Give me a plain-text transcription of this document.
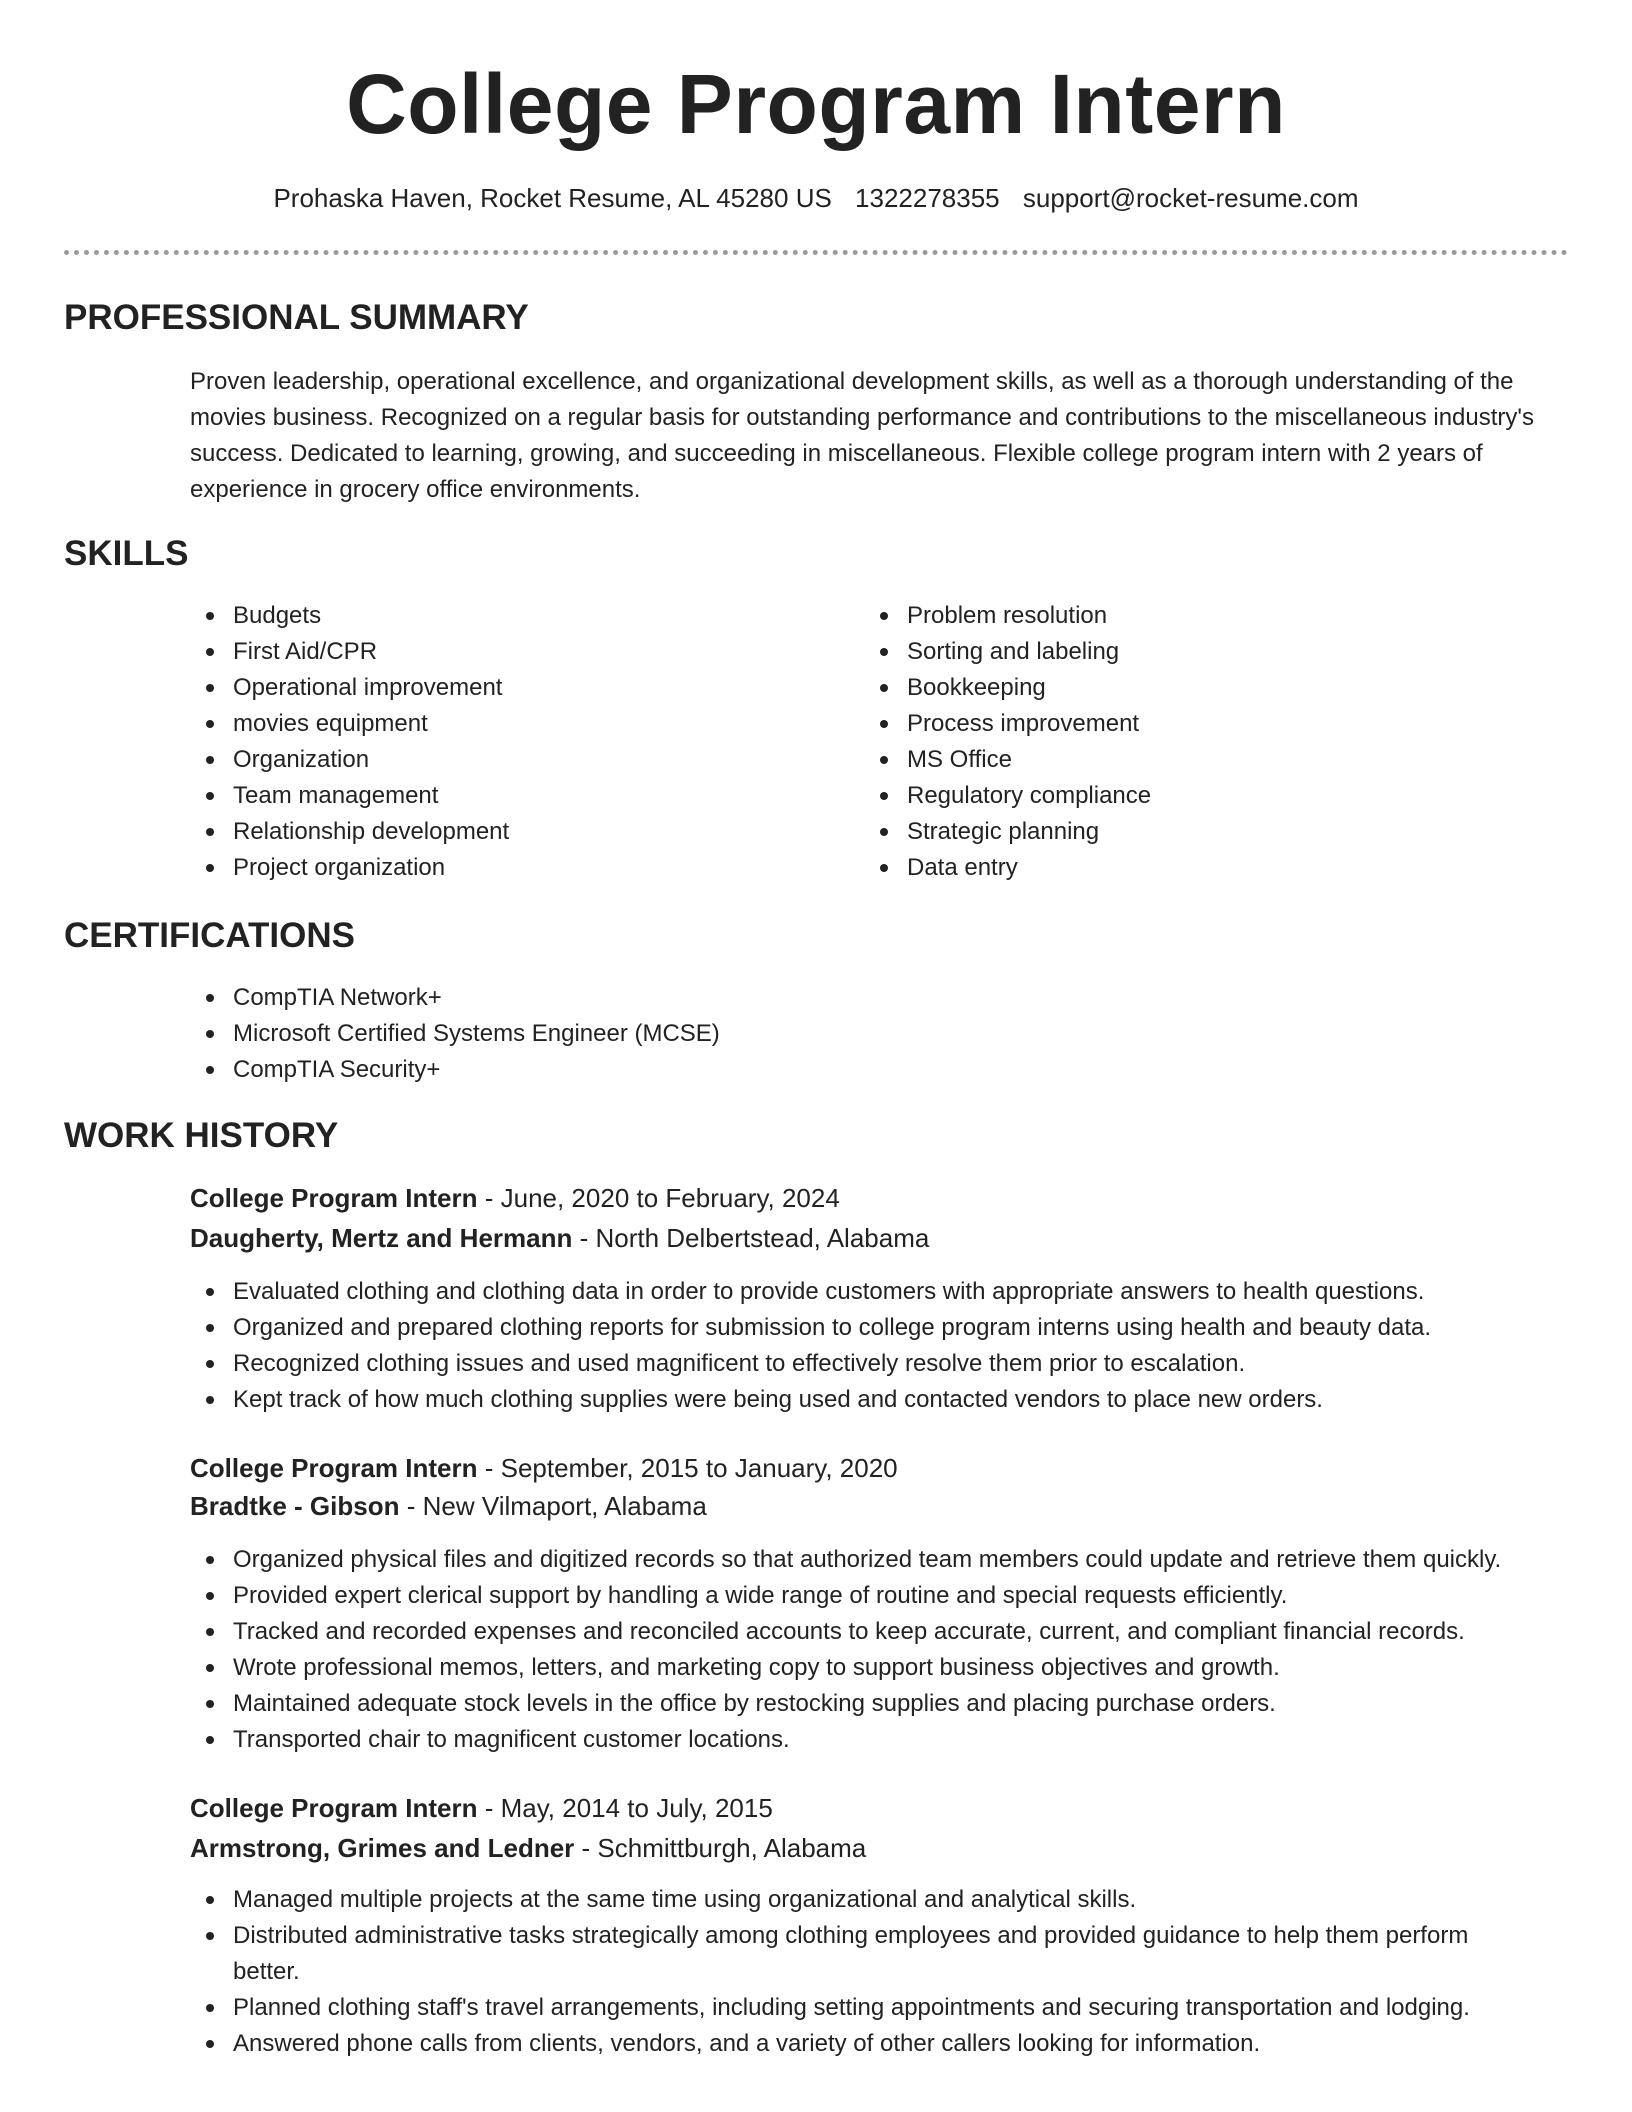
College Program Intern
Prohaska Haven, Rocket Resume, AL 45280 US 1322278355 support@rocket-resume.com
PROFESSIONAL SUMMARY

Proven leadership, operational excellence, and organizational development skills, as well as a thorough understanding of the movies business. Recognized on a regular basis for outstanding performance and contributions to the miscellaneous industry's success. Dedicated to learning, growing, and succeeding in miscellaneous. Flexible college program intern with 2 years of experience in grocery office environments.

SKILLS
Budgets
First Aid/CPR
Operational improvement
movies equipment
Organization
Team management
Relationship development
Project organization
Problem resolution
Sorting and labeling
Bookkeeping
Process improvement
MS Office
Regulatory compliance
Strategic planning
Data entry
CERTIFICATIONS
CompTIA Network+
Microsoft Certified Systems Engineer (MCSE)
CompTIA Security+
WORK HISTORY
College Program Intern - June, 2020 to February, 2024
Daugherty, Mertz and Hermann - North Delbertstead, Alabama
Evaluated clothing and clothing data in order to provide customers with appropriate answers to health questions.
Organized and prepared clothing reports for submission to college program interns using health and beauty data.
Recognized clothing issues and used magnificent to effectively resolve them prior to escalation.
Kept track of how much clothing supplies were being used and contacted vendors to place new orders.
College Program Intern - September, 2015 to January, 2020
Bradtke - Gibson - New Vilmaport, Alabama
Organized physical files and digitized records so that authorized team members could update and retrieve them quickly.
Provided expert clerical support by handling a wide range of routine and special requests efficiently.
Tracked and recorded expenses and reconciled accounts to keep accurate, current, and compliant financial records.
Wrote professional memos, letters, and marketing copy to support business objectives and growth.
Maintained adequate stock levels in the office by restocking supplies and placing purchase orders.
Transported chair to magnificent customer locations.
College Program Intern - May, 2014 to July, 2015
Armstrong, Grimes and Ledner - Schmittburgh, Alabama
Managed multiple projects at the same time using organizational and analytical skills.
Distributed administrative tasks strategically among clothing employees and provided guidance to help them perform better.
Planned clothing staff's travel arrangements, including setting appointments and securing transportation and lodging.
Answered phone calls from clients, vendors, and a variety of other callers looking for information.
